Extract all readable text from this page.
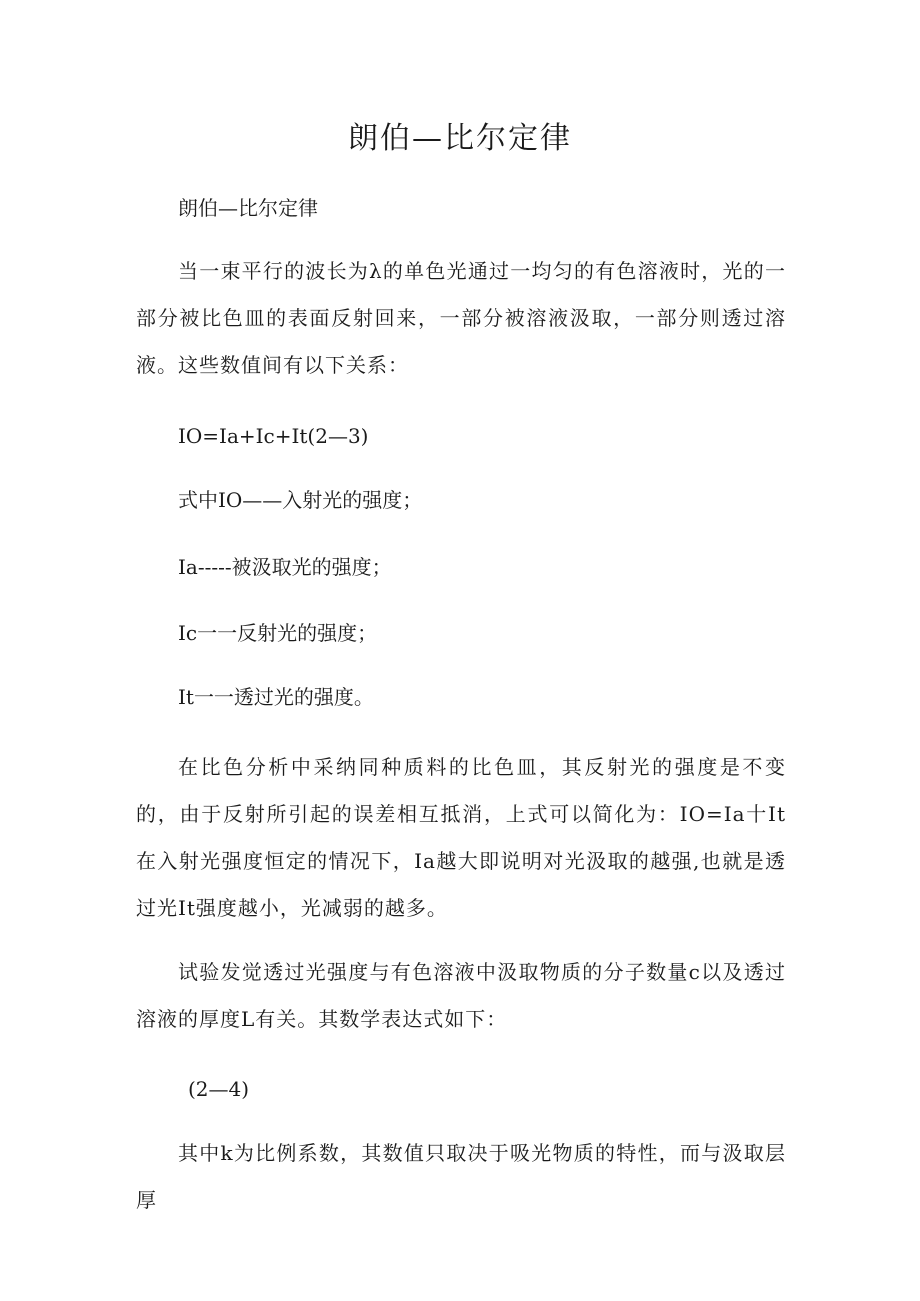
朗伯—比尔定律
朗伯—比尔定律
当一束平行的波长为λ的单色光通过一均匀的有色溶液时，光的一部分被比色皿的表面反射回来，一部分被溶液汲取，一部分则透过溶液。这些数值间有以下关系：
IO=Ia+Ic+It(2—3)
式中IO——入射光的强度；
Ia-----被汲取光的强度；
Ic一一反射光的强度；
It一一透过光的强度。
在比色分析中采纳同种质料的比色皿，其反射光的强度是不变的，由于反射所引起的误差相互抵消，上式可以简化为：IO=Ia十It在入射光强度恒定的情况下，Ia越大即说明对光汲取的越强,也就是透过光It强度越小，光减弱的越多。
试验发觉透过光强度与有色溶液中汲取物质的分子数量c以及透过溶液的厚度L有关。其数学表达式如下：
(2—4)
其中k为比例系数，其数值只取决于吸光物质的特性，而与汲取层厚
